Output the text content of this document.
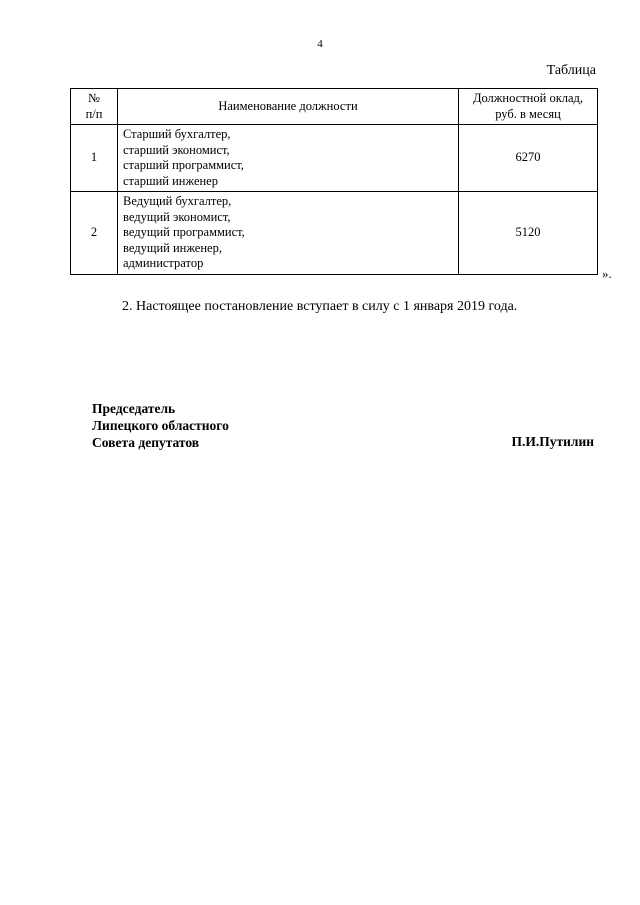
4
Таблица
№
п/п	Наименование должности	Должностной оклад,
руб. в месяц

1	Старший бухгалтер,
старший экономист,
старший программист,
старший инженер	6270
2	Ведущий бухгалтер,
ведущий экономист,
ведущий программист,
ведущий инженер,
администратор	5120
».
2. Настоящее постановление вступает в силу с 1 января 2019 года.
Председатель
Липецкого областного
Совета депутатов	П.И.Путилин
